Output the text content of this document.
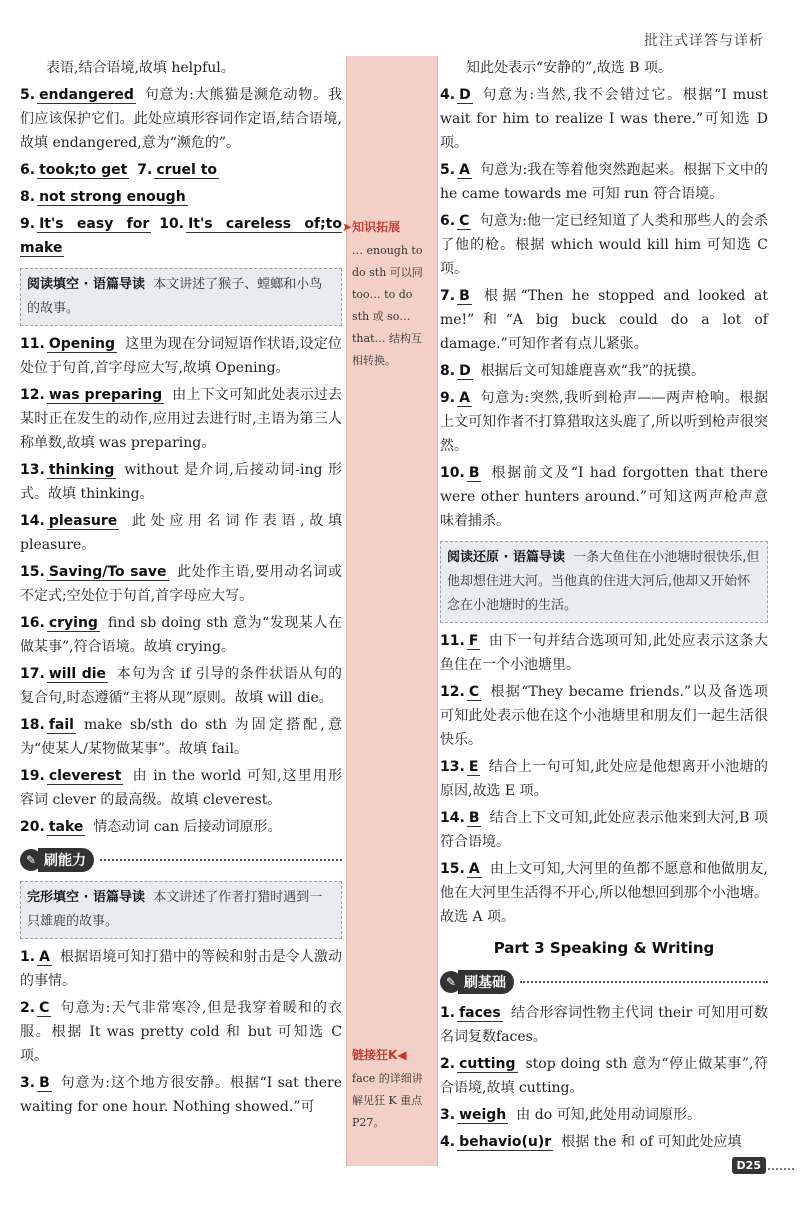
批注式详答与详析

表语,结合语境,故填 helpful。

5. endangered 句意为:大熊猫是濒危动物。我们应该保护它们。此处应填形容词作定语,结合语境,故填 endangered,意为“濒危的”。

6. took;to get 7. cruel to

8. not strong enough

9. It's easy for 10. It's careless of;to make

阅读填空 · 语篇导读 本文讲述了猴子、螳螂和小鸟的故事。

11. Opening 这里为现在分词短语作状语,设定位处位于句首,首字母应大写,故填 Opening。

12. was preparing 由上下文可知此处表示过去某时正在发生的动作,应用过去进行时,主语为第三人称单数,故填 was preparing。

13. thinking without 是介词,后接动词-ing 形式。故填 thinking。

14. pleasure 此处应用名词作表语,故填 pleasure。

15. Saving/To save 此处作主语,要用动名词或不定式;空处位于句首,首字母应大写。

16. crying find sb doing sth 意为“发现某人在做某事”,符合语境。故填 crying。

17. will die 本句为含 if 引导的条件状语从句的复合句,时态遵循“主将从现”原则。故填 will die。

18. fail make sb/sth do sth 为固定搭配,意为“使某人/某物做某事”。故填 fail。

19. cleverest 由 in the world 可知,这里用形容词 clever 的最高级。故填 cleverest。

20. take 情态动词 can 后接动词原形。

✎ 刷能力
完形填空 · 语篇导读 本文讲述了作者打猎时遇到一只雄鹿的故事。

1. A 根据语境可知打猎中的等候和射击是令人激动的事情。

2. C 句意为:天气非常寒冷,但是我穿着暖和的衣服。根据 It was pretty cold 和 but 可知选 C 项。

3. B 句意为:这个地方很安静。根据“I sat there waiting for one hour. Nothing showed.”可

➤知识拓展
… enough to do sth 可以同 too… to do sth 或 so… that… 结构互相转换。
链接狂K◀
face 的详细讲解见狂 K 重点 P27。

知此处表示“安静的”,故选 B 项。

4. D 句意为:当然,我不会错过它。根据“I must wait for him to realize I was there.”可知选 D 项。

5. A 句意为:我在等着他突然跑起来。根据下文中的 he came towards me 可知 run 符合语境。

6. C 句意为:他一定已经知道了人类和那些人的会杀了他的枪。根据 which would kill him 可知选 C 项。

7. B 根据“Then he stopped and looked at me!”和“A big buck could do a lot of damage.”可知作者有点儿紧张。

8. D 根据后文可知雄鹿喜欢“我”的抚摸。

9. A 句意为:突然,我听到枪声——两声枪响。根据上文可知作者不打算猎取这头鹿了,所以听到枪声很突然。

10. B 根据前文及“I had forgotten that there were other hunters around.”可知这两声枪声意味着捕杀。

阅读还原 · 语篇导读 一条大鱼住在小池塘时很快乐,但他却想住进大河。当他真的住进大河后,他却又开始怀念在小池塘时的生活。

11. F 由下一句并结合选项可知,此处应表示这条大鱼住在一个小池塘里。

12. C 根据“They became friends.”以及备选项可知此处表示他在这个小池塘里和朋友们一起生活很快乐。

13. E 结合上一句可知,此处应是他想离开小池塘的原因,故选 E 项。

14. B 结合上下文可知,此处应表示他来到大河,B 项符合语境。

15. A 由上文可知,大河里的鱼都不愿意和他做朋友,他在大河里生活得不开心,所以他想回到那个小池塘。故选 A 项。

Part 3 Speaking & Writing
✎ 刷基础

1. faces 结合形容词性物主代词 their 可知用可数名词复数faces。

2. cutting stop doing sth 意为“停止做某事”,符合语境,故填 cutting。

3. weigh 由 do 可知,此处用动词原形。

4. behavio(u)r 根据 the 和 of 可知此处应填

D25
